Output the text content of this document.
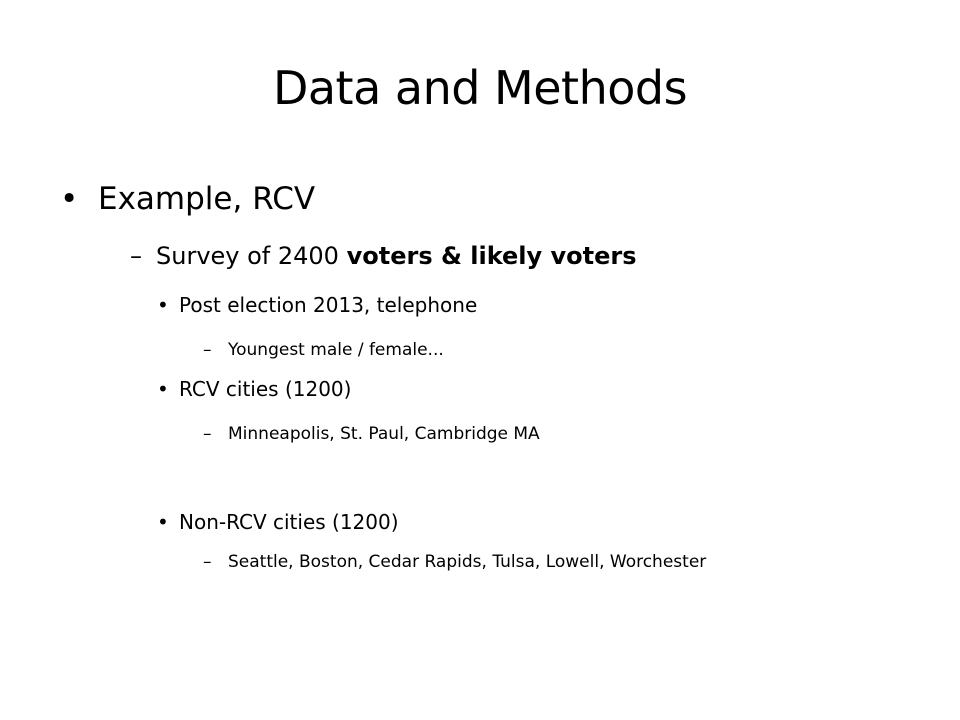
Data and Methods
• Example, RCV
– Survey of 2400 voters & likely voters
• Post election 2013, telephone
– Youngest male / female...
• RCV cities (1200)
– Minneapolis, St. Paul, Cambridge MA
• Non-RCV cities (1200)
– Seattle, Boston, Cedar Rapids, Tulsa, Lowell, Worchester
